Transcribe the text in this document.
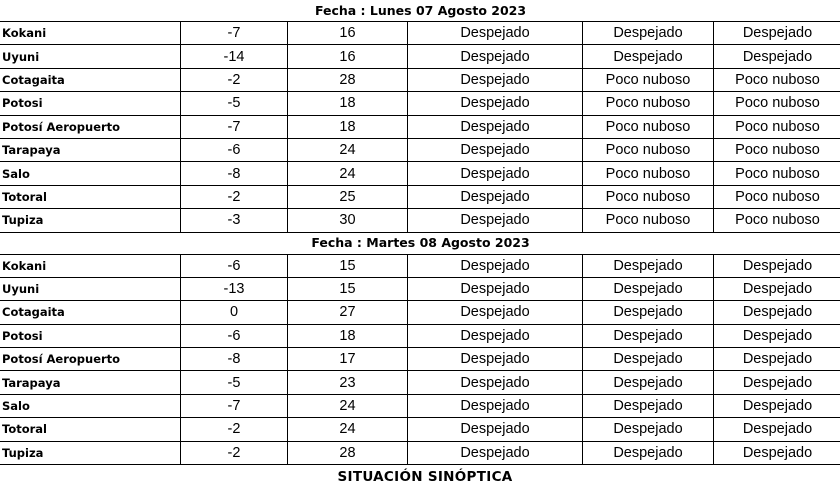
Fecha : Lunes 07 Agosto 2023					
Kokani	-7	16	Despejado	Despejado	Despejado
Uyuni	-14	16	Despejado	Despejado	Despejado
Cotagaita	-2	28	Despejado	Poco nuboso	Poco nuboso
Potosi	-5	18	Despejado	Poco nuboso	Poco nuboso
Potosí Aeropuerto	-7	18	Despejado	Poco nuboso	Poco nuboso
Tarapaya	-6	24	Despejado	Poco nuboso	Poco nuboso
Salo	-8	24	Despejado	Poco nuboso	Poco nuboso
Totoral	-2	25	Despejado	Poco nuboso	Poco nuboso
Tupiza	-3	30	Despejado	Poco nuboso	Poco nuboso
Fecha : Martes 08 Agosto 2023					
Kokani	-6	15	Despejado	Despejado	Despejado
Uyuni	-13	15	Despejado	Despejado	Despejado
Cotagaita	0	27	Despejado	Despejado	Despejado
Potosi	-6	18	Despejado	Despejado	Despejado
Potosí Aeropuerto	-8	17	Despejado	Despejado	Despejado
Tarapaya	-5	23	Despejado	Despejado	Despejado
Salo	-7	24	Despejado	Despejado	Despejado
Totoral	-2	24	Despejado	Despejado	Despejado
Tupiza	-2	28	Despejado	Despejado	Despejado
SITUACIÓN SINÓPTICA
